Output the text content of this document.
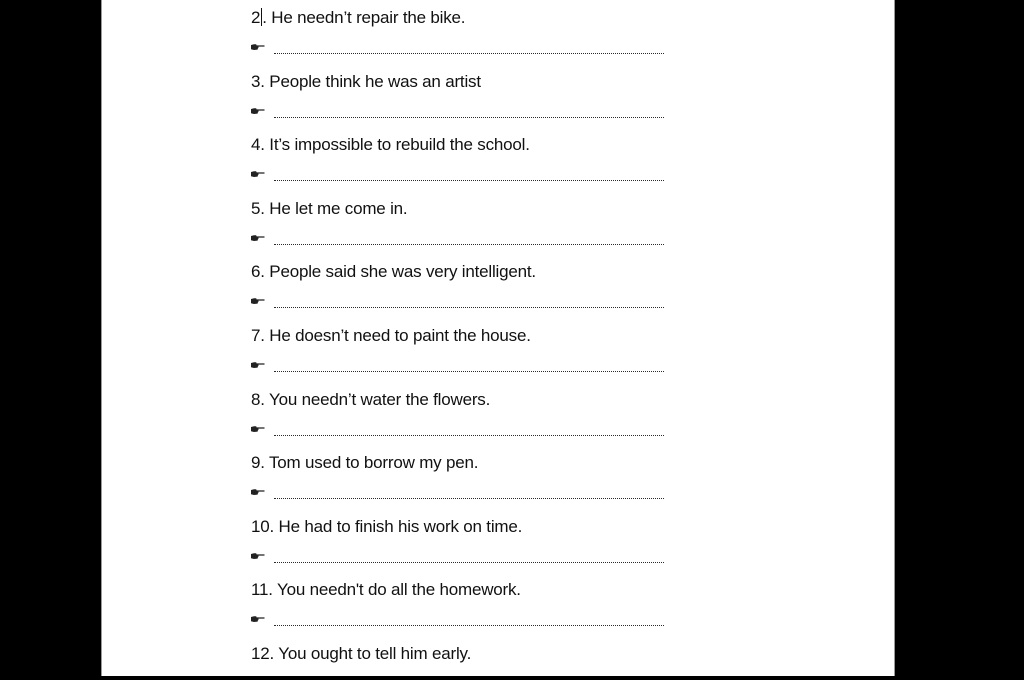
2 . He needn’t repair the bike.
3. People think he was an artist
4. It’s impossible to rebuild the school.
5. He let me come in.
6. People said she was very intelligent.
7. He doesn’t need to paint the house.
8. You needn’t water the flowers.
9. Tom used to borrow my pen.
10. He had to finish his work on time.
11. You needn't do all the homework.
12. You ought to tell him early.
